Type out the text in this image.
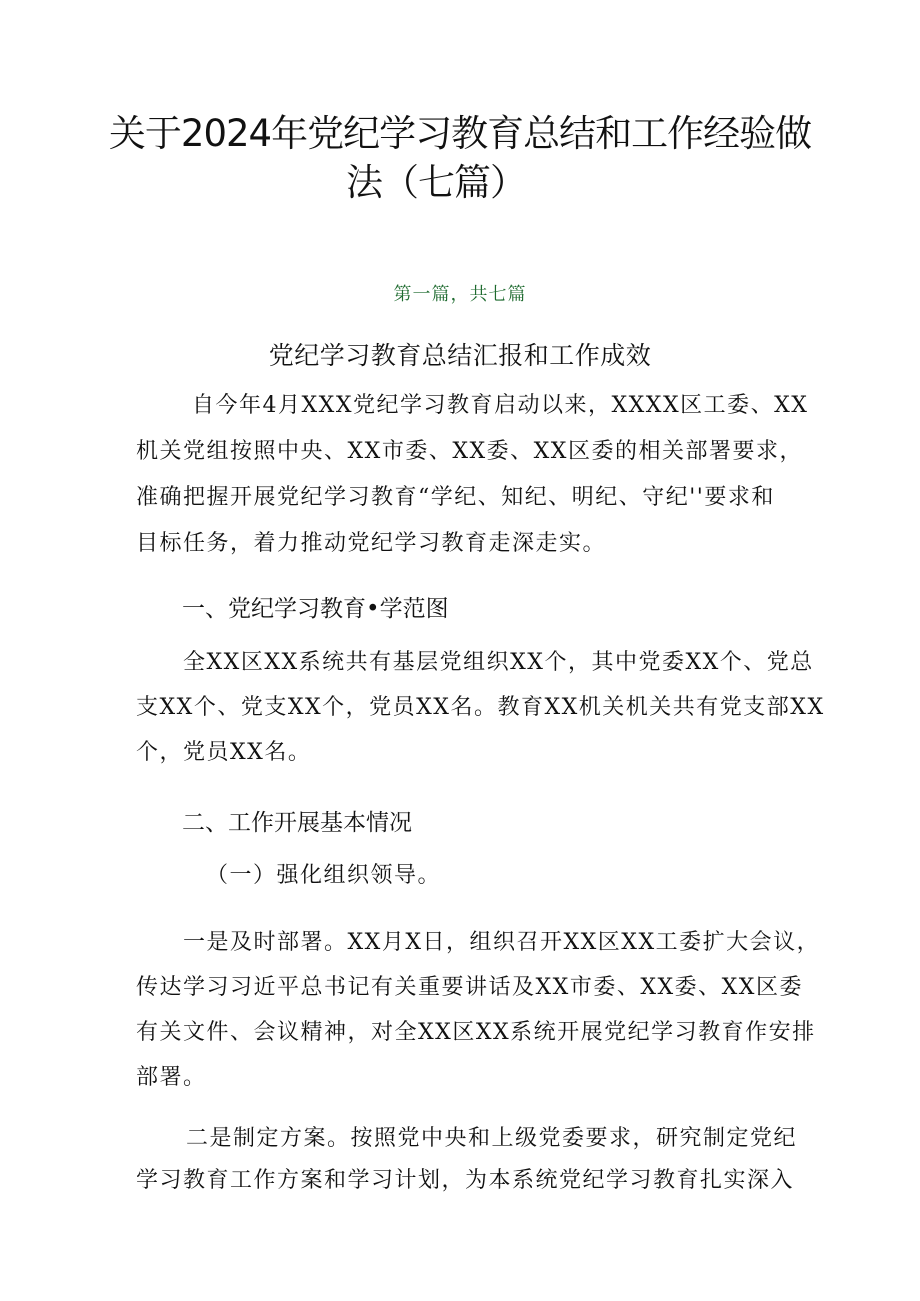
关于2024年党纪学习教育总结和工作经验做
法（七篇）
第一篇，共七篇
党纪学习教育总结汇报和工作成效
自今年4月XXX党纪学习教育启动以来，XXXX区工委、XX
机关党组按照中央、XX市委、XX委、XX区委的相关部署要求，
准确把握开展党纪学习教育“学纪、知纪、明纪、守纪''要求和
目标任务，着力推动党纪学习教育走深走实。
一、党纪学习教育•学范图
全XX区XX系统共有基层党组织XX个，其中党委XX个、党总
支XX个、党支XX个，党员XX名。教育XX机关机关共有党支部XX
个，党员XX名。
二、工作开展基本情况
（一）强化组织领导。
一是及时部署。XX月X日，组织召开XX区XX工委扩大会议，
传达学习习近平总书记有关重要讲话及XX市委、XX委、XX区委
有关文件、会议精神，对全XX区XX系统开展党纪学习教育作安排
部署。
二是制定方案。按照党中央和上级党委要求，研究制定党纪
学习教育工作方案和学习计划，为本系统党纪学习教育扎实深入
